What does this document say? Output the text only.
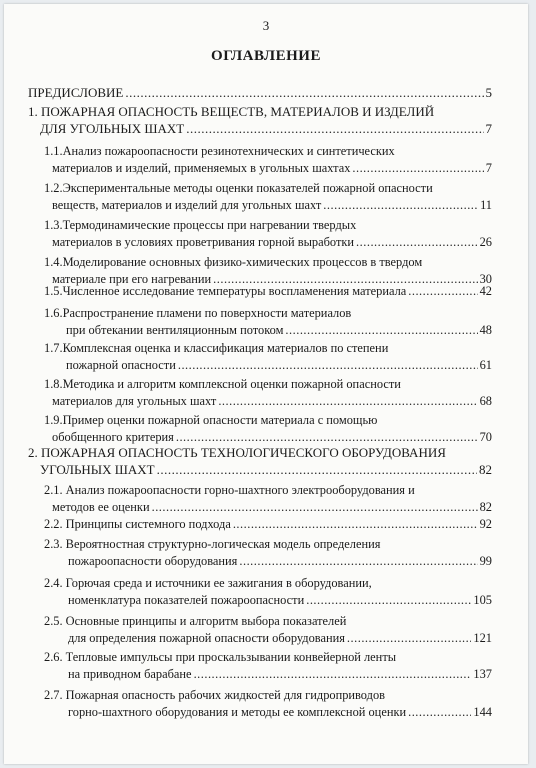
3
ОГЛАВЛЕНИЕ
ПРЕДИСЛОВИЕ .....	5
1. ПОЖАРНАЯ ОПАСНОСТЬ ВЕЩЕСТВ, МАТЕРИАЛОВ И ИЗДЕЛИЙ
ДЛЯ УГОЛЬНЫХ ШАХТ .....	7
1.1.Анализ пожароопасности резинотехнических и синтетических
материалов и изделий, применяемых в угольных шахтах .....	7
1.2.Экспериментальные методы оценки показателей пожарной опасности
веществ, материалов и изделий для угольных шахт .....	11
1.3.Термодинамические процессы при нагревании твердых
материалов в условиях проветривания горной выработки .....	26
1.4.Моделирование основных физико-химических процессов в твердом
материале при его нагревании .....	30
1.5.Численное исследование температуры воспламенения материала .....	42
1.6.Распространение пламени по поверхности материалов
при обтекании вентиляционным потоком .....	48
1.7.Комплексная оценка и классификация материалов по степени
пожарной опасности .....	61
1.8.Методика и алгоритм комплексной оценки пожарной опасности
материалов для угольных шахт .....	68
1.9.Пример оценки пожарной опасности материала с помощью
обобщенного критерия .....	70
2. ПОЖАРНАЯ ОПАСНОСТЬ ТЕХНОЛОГИЧЕСКОГО ОБОРУДОВАНИЯ
УГОЛЬНЫХ ШАХТ .....	82
2.1. Анализ пожароопасности горно-шахтного электрооборудования и
методов ее оценки .....	82
2.2. Принципы системного подхода .....	92
2.3. Вероятностная структурно-логическая модель определения
пожароопасности оборудования .....	99
2.4. Горючая среда и источники ее зажигания в оборудовании,
номенклатура показателей пожароопасности .....	105
2.5. Основные принципы и алгоритм выбора показателей
для определения пожарной опасности оборудования .....	121
2.6. Тепловые импульсы при проскальзывании конвейерной ленты
на приводном барабане .....	137
2.7. Пожарная опасность рабочих жидкостей для гидроприводов
горно-шахтного оборудования и методы ее комплексной оценки .....	144
